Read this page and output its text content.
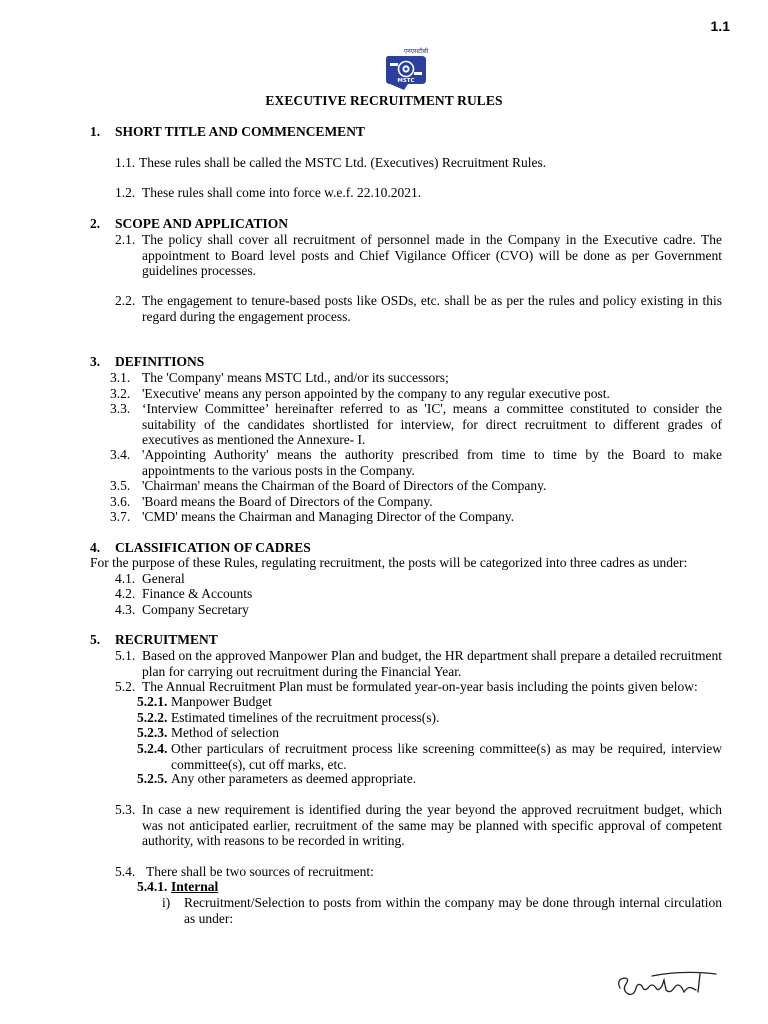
1.1
एमएसटीसी
MSTC
EXECUTIVE RECRUITMENT RULES
1. SHORT TITLE AND COMMENCEMENT
1.1. These rules shall be called the MSTC Ltd. (Executives) Recruitment Rules.
1.2. These rules shall come into force w.e.f. 22.10.2021.
2. SCOPE AND APPLICATION
2.1. The policy shall cover all recruitment of personnel made in the Company in the Executive cadre. The appointment to Board level posts and Chief Vigilance Officer (CVO) will be done as per Government guidelines processes.
2.2. The engagement to tenure-based posts like OSDs, etc. shall be as per the rules and policy existing in this regard during the engagement process.
3. DEFINITIONS
3.1. The 'Company' means MSTC Ltd., and/or its successors;
3.2. 'Executive' means any person appointed by the company to any regular executive post.
3.3. ‘Interview Committee’ hereinafter referred to as 'IC', means a committee constituted to consider the suitability of the candidates shortlisted for interview, for direct recruitment to different grades of executives as mentioned the Annexure- I.
3.4. 'Appointing Authority' means the authority prescribed from time to time by the Board to make appointments to the various posts in the Company.
3.5. 'Chairman' means the Chairman of the Board of Directors of the Company.
3.6. 'Board means the Board of Directors of the Company.
3.7. 'CMD' means the Chairman and Managing Director of the Company.
4. CLASSIFICATION OF CADRES
For the purpose of these Rules, regulating recruitment, the posts will be categorized into three cadres as under:
4.1. General
4.2. Finance & Accounts
4.3. Company Secretary
5. RECRUITMENT
5.1. Based on the approved Manpower Plan and budget, the HR department shall prepare a detailed recruitment plan for carrying out recruitment during the Financial Year.
5.2. The Annual Recruitment Plan must be formulated year-on-year basis including the points given below:
5.2.1. Manpower Budget
5.2.2. Estimated timelines of the recruitment process(s).
5.2.3. Method of selection
5.2.4. Other particulars of recruitment process like screening committee(s) as may be required, interview committee(s), cut off marks, etc.
5.2.5. Any other parameters as deemed appropriate.
5.3. In case a new requirement is identified during the year beyond the approved recruitment budget, which was not anticipated earlier, recruitment of the same may be planned with specific approval of competent authority, with reasons to be recorded in writing.
5.4. There shall be two sources of recruitment:
5.4.1. Internal
i) Recruitment/Selection to posts from within the company may be done through internal circulation as under:
